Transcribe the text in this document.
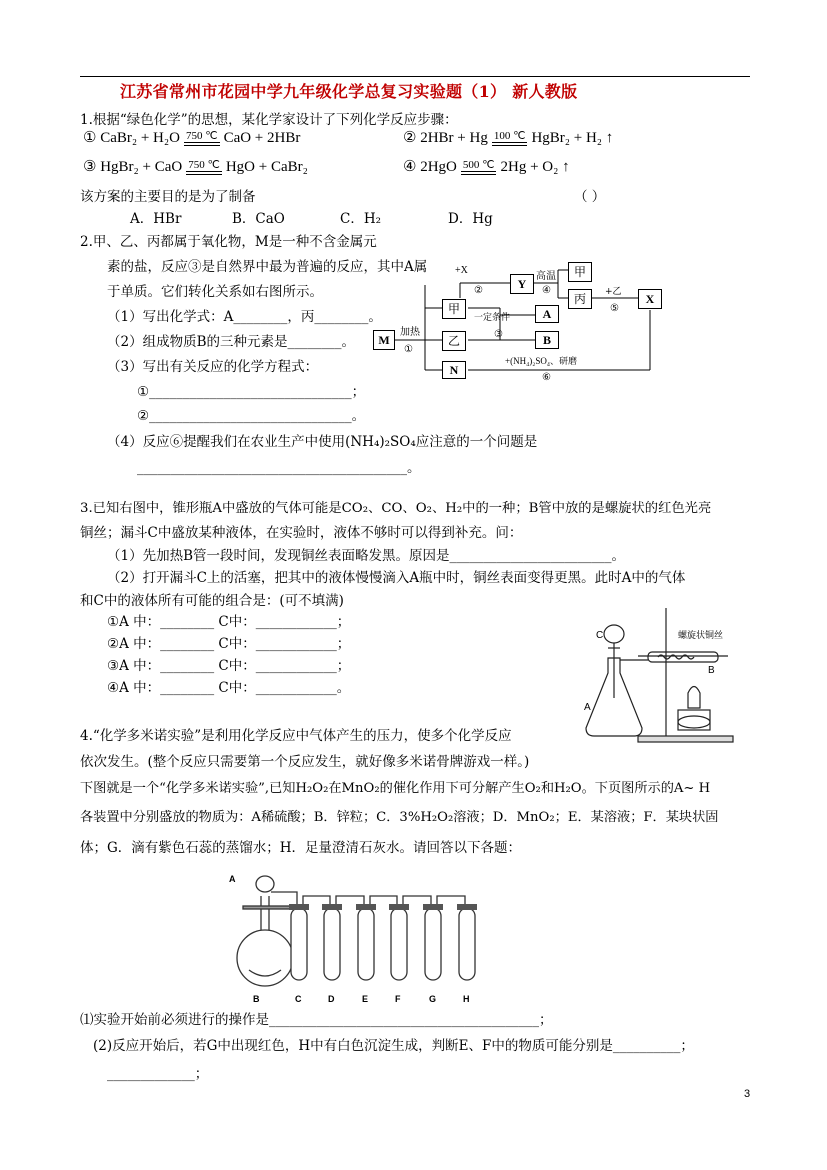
江苏省常州市花园中学九年级化学总复习实验题（1） 新人教版
1.根据“绿色化学”的思想，某化学家设计了下列化学反应步骤：
① CaBr₂ + H₂O 750 ℃ CaO + 2HBr	② 2HBr + Hg 100 ℃ HgBr₂ + H₂ ↑
③ HgBr₂ + CaO 750 ℃ HgO + CaBr₂	④ 2HgO 500 ℃ 2Hg + O₂ ↑
该方案的主要目的是为了制备	（ ）
A．HBr	B．CaO	C．H₂	D．Hg
2.甲、乙、丙都属于氧化物，M是一种不含金属元
素的盐，反应③是自然界中最为普遍的反应，其中A属
于单质。它们转化关系如右图所示。
（1）写出化学式：A________，丙________。
（2）组成物质B的三种元素是________。
（3）写出有关反应的化学方程式：
①______________________________；
②______________________________。
（4）反应⑥提醒我们在农业生产中使用(NH₄)₂SO₄应注意的一个问题是
________________________________________。
+X
②
高温
④	+乙
⑤
加热
①
一定条件
③
+(NH₄)₂SO₄、研磨
⑥
M
甲
乙
Y
甲
丙	X
A
B
N
3.已知右图中，锥形瓶A中盛放的气体可能是CO₂、CO、O₂、H₂中的一种；B管中放的是螺旋状的红色光亮
铜丝；漏斗C中盛放某种液体，在实验时，液体不够时可以得到补充。问：
（1）先加热B管一段时间，发现铜丝表面略发黑。原因是________________________。
（2）打开漏斗C上的活塞，把其中的液体慢慢滴入A瓶中时，铜丝表面变得更黑。此时A中的气体
和C中的液体所有可能的组合是：(可不填满)
①A 中：________ C中：____________；
②A 中：________ C中：____________；
③A 中：________ C中：____________；
④A 中：________ C中：____________。
C
A
B
螺旋状铜丝
4.“化学多米诺实验”是利用化学反应中气体产生的压力，使多个化学反应
依次发生。(整个反应只需要第一个反应发生，就好像多米诺骨牌游戏一样。)
下图就是一个“化学多米诺实验”,已知H₂O₂在MnO₂的催化作用下可分解产生O₂和H₂O。下页图所示的A~ H
各装置中分别盛放的物质为：A稀硫酸；B．锌粒；C．3%H₂O₂溶液；D．MnO₂；E．某溶液；F．某块状固
体；G．滴有紫色石蕊的蒸馏水；H．足量澄清石灰水。请回答以下各题：
A
B	C	D	E	F	G	H
⑴实验开始前必须进行的操作是________________________________________；
(2)反应开始后，若G中出现红色，H中有白色沉淀生成，判断E、F中的物质可能分别是__________；
_____________；
3
